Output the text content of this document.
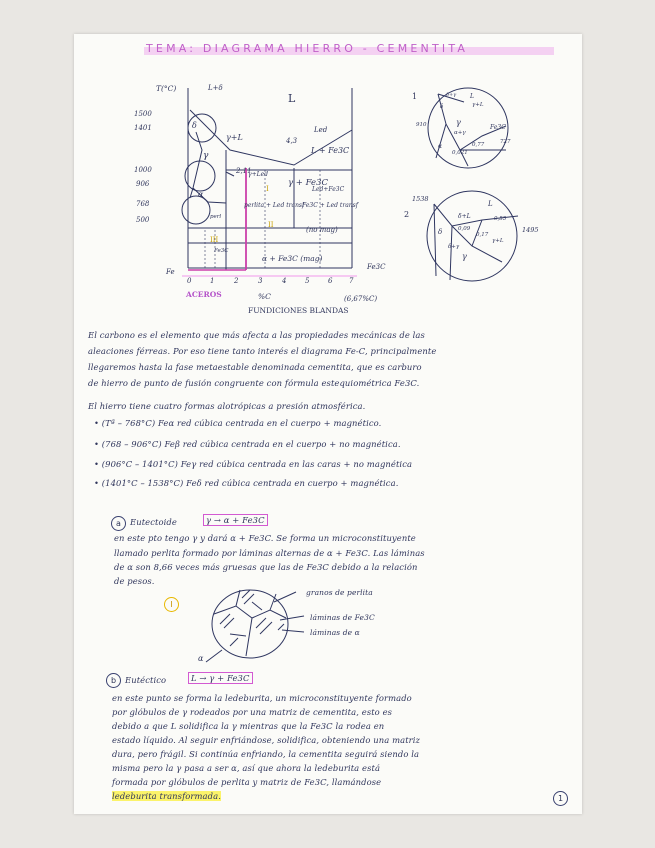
TEMA: DIAGRAMA HIERRO - CEMENTITA
T(°C)
1500
1401
1000
906
768
500
0	1	2	3	4	5	6 7
Fe
Fe3C
%C	(6,67%C)
ACEROS
FUNDICIONES BLANDAS
L
L+δ
γ+L
Led
L + Fe3C
4,3
2,11
γ + Fe3C
γ+Led
Led+Fe3C
perlita + Led transf
Fe3C + Led transf
(no mag)
α + Fe3C (mag)
γ
δ
α
I
II
III
perl
Fe3C
1	δ+γ
δ
L
γ+L
γ
Fe3C
0,021
0,77	727
α
α+γ
910
2
1538
1495
δ
L
δ+L
0,09
0,55
0,17
γ+L
γ
δ+γ
El carbono es el elemento que más afecta a las propiedades mecánicas de las
aleaciones férreas. Por eso tiene tanto interés el diagrama Fe-C, principalmente
llegaremos hasta la fase metaestable denominada cementita, que es carburo
de hierro de punto de fusión congruente con fórmula estequiométrica Fe3C.
El hierro tiene cuatro formas alotrópicas a presión atmosférica.
• (Tª – 768°C) Feα red cúbica centrada en el cuerpo + magnético.
• (768 – 906°C) Feβ red cúbica centrada en el cuerpo + no magnética.
• (906°C – 1401°C) Feγ red cúbica centrada en las caras + no magnética
• (1401°C – 1538°C) Feδ red cúbica centrada en cuerpo + magnética.
a	Eutectoide	γ → α + Fe3C
en este pto tengo γ y dará α + Fe3C. Se forma un microconstituyente
llamado perlita formado por láminas alternas de α + Fe3C. Las láminas
de α son 8,66 veces más gruesas que las de Fe3C debido a la relación
de pesos.
I
granos de perlita
láminas de Fe3C
láminas de α
α
b	Eutéctico	L → γ + Fe3C
en este punto se forma la ledeburita, un microconstituyente formado
por glóbulos de γ rodeados por una matriz de cementita, esto es
debido a que L solidifica la γ mientras que la Fe3C la rodea en
estado líquido. Al seguir enfriándose, solidifica, obteniendo una matriz
dura, pero frágil. Si continúa enfriando, la cementita seguirá siendo la
misma pero la γ pasa a ser α, así que ahora la ledeburita está
formada por glóbulos de perlita y matriz de Fe3C, llamándose
ledeburita transformada.	1
